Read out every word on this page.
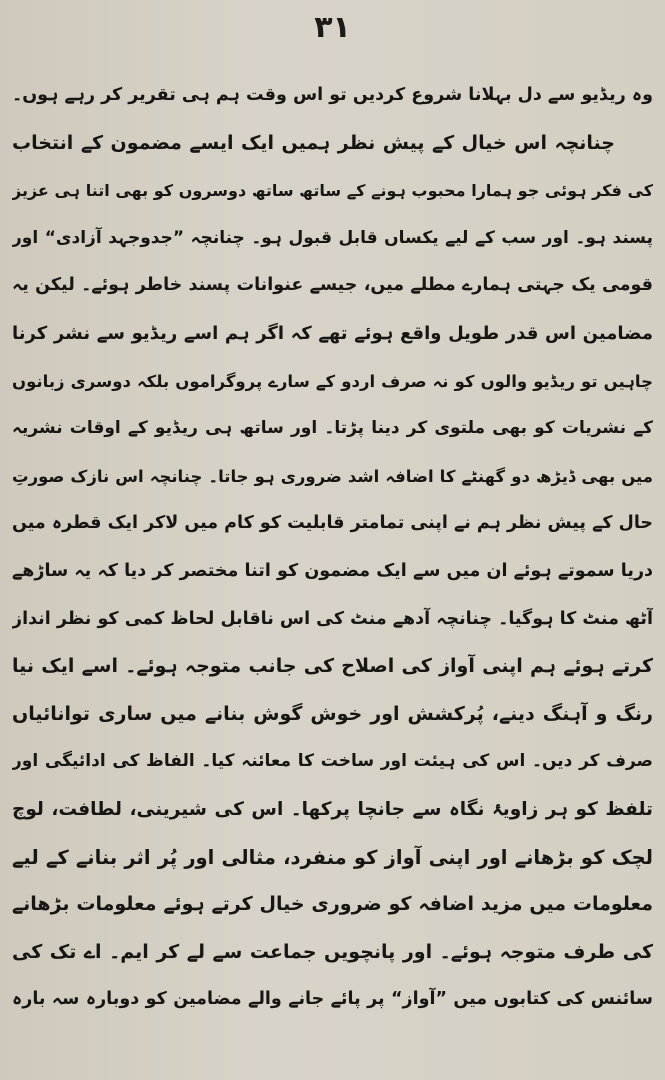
۳۱
وہ ریڈیو سے دل بہلانا شروع کردیں تو اس وقت ہم ہی تقریر کر رہے ہوں۔
چنانچہ اس خیال کے پیش نظر ہمیں ایک ایسے مضمون کے انتخاب
کی فکر ہوئی جو ہمارا محبوب ہونے کے ساتھ ساتھ دوسروں کو بھی اتنا ہی عزیز
پسند ہو۔ اور سب کے لیے یکساں قابل قبول ہو۔ چنانچہ ”جدوجہد آزادی“ اور
قومی یک جہتی ہمارے مطلے میں، جیسے عنوانات پسند خاطر ہوئے۔ لیکن یہ
مضامین اس قدر طویل واقع ہوئے تھے کہ اگر ہم اسے ریڈیو سے نشر کرنا
چاہیں تو ریڈیو والوں کو نہ صرف اردو کے سارے پروگراموں بلکہ دوسری زبانوں
کے نشریات کو بھی ملتوی کر دینا پڑتا۔ اور ساتھ ہی ریڈیو کے اوقات نشریہ
میں بھی ڈیڑھ دو گھنٹے کا اضافہ اشد ضروری ہو جاتا۔ چنانچہ اس نازک صورتِ
حال کے پیش نظر ہم نے اپنی تمامتر قابلیت کو کام میں لاکر ایک قطرہ میں
دریا سموتے ہوئے ان میں سے ایک مضمون کو اتنا مختصر کر دیا کہ یہ ساڑھے
آٹھ منٹ کا ہوگیا۔ چنانچہ آدھے منٹ کی اس ناقابل لحاظ کمی کو نظر انداز
کرتے ہوئے ہم اپنی آواز کی اصلاح کی جانب متوجہ ہوئے۔ اسے ایک نیا
رنگ و آہنگ دینے، پُرکشش اور خوش گوش بنانے میں ساری توانائیاں
صرف کر دیں۔ اس کی ہیئت اور ساخت کا معائنہ کیا۔ الفاظ کی ادائیگی اور
تلفظ کو ہر زاویۂ نگاہ سے جانچا پرکھا۔ اس کی شیرینی، لطافت، لوچ
لچک کو بڑھانے اور اپنی آواز کو منفرد، مثالی اور پُر اثر بنانے کے لیے
معلومات میں مزید اضافہ کو ضروری خیال کرتے ہوئے معلومات بڑھانے
کی طرف متوجہ ہوئے۔ اور پانچویں جماعت سے لے کر ایم۔ اے تک کی
سائنس کی کتابوں میں ”آواز“ پر پائے جانے والے مضامین کو دوبارہ سہ بارہ
